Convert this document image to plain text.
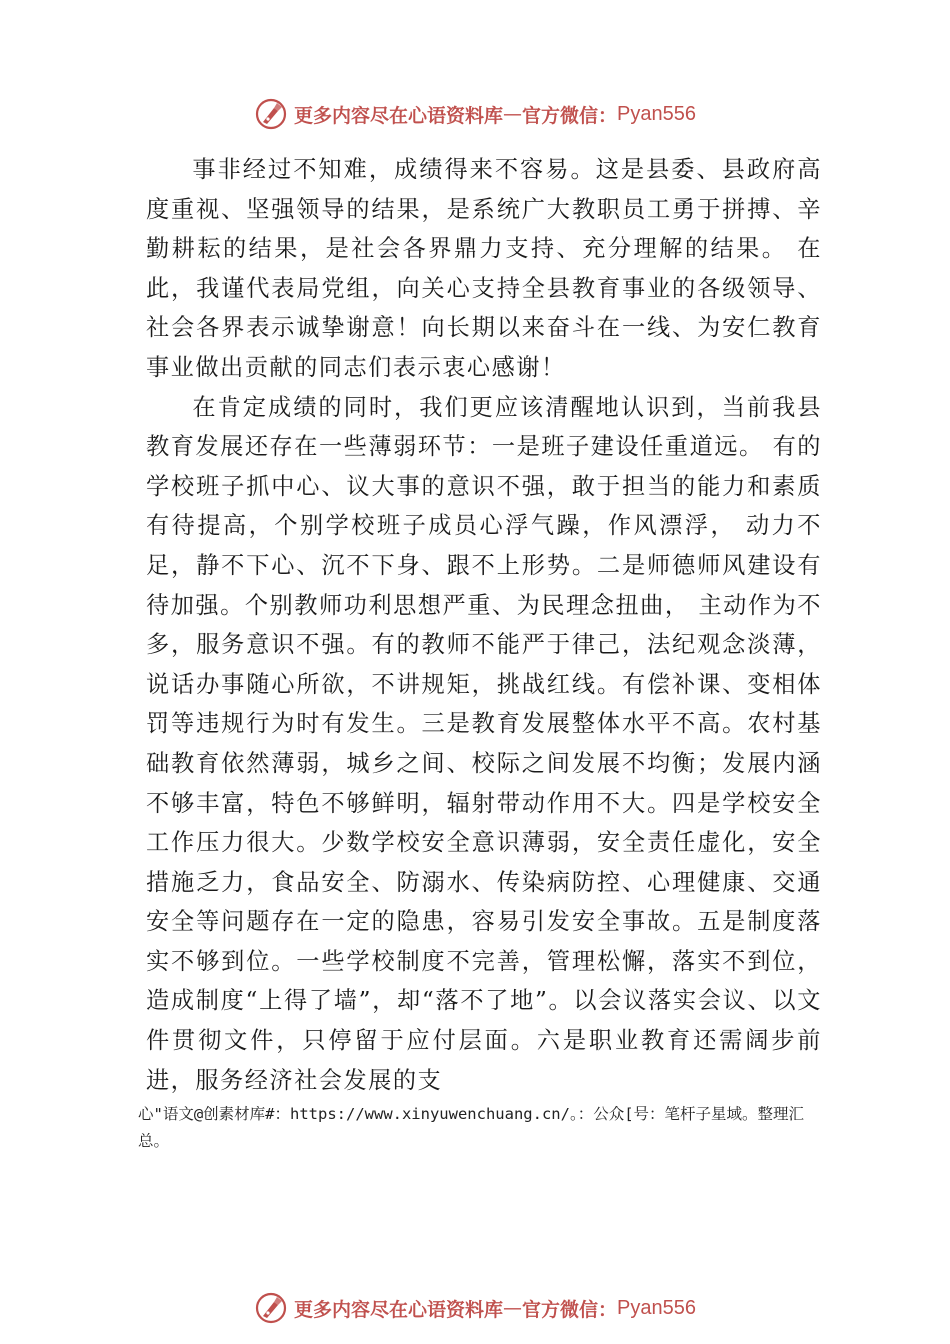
更多内容尽在心语资料库 — 官方微信： Pyan556

事非经过不知难，成绩得来不容易。这是县委、县政府高度重视、坚强领导的结果，是系统广大教职员工勇于拼搏、辛勤耕耘的结果，是社会各界鼎力支持、充分理解的结果。 在此，我谨代表局党组，向关心支持全县教育事业的各级领导、社会各界表示诚挚谢意！向长期以来奋斗在一线、为安仁教育事业做出贡献的同志们表示衷心感谢！

在肯定成绩的同时，我们更应该清醒地认识到，当前我县教育发展还存在一些薄弱环节：一是班子建设任重道远。 有的学校班子抓中心、议大事的意识不强，敢于担当的能力和素质有待提高，个别学校班子成员心浮气躁，作风漂浮， 动力不足，静不下心、沉不下身、跟不上形势。二是师德师风建设有待加强。个别教师功利思想严重、为民理念扭曲， 主动作为不多，服务意识不强。有的教师不能严于律己，法纪观念淡薄，说话办事随心所欲，不讲规矩，挑战红线。有偿补课、变相体罚等违规行为时有发生。三是教育发展整体水平不高。农村基础教育依然薄弱，城乡之间、校际之间发展不均衡；发展内涵不够丰富，特色不够鲜明，辐射带动作用不大。四是学校安全工作压力很大。少数学校安全意识薄弱，安全责任虚化，安全措施乏力，食品安全、防溺水、传染病防控、心理健康、交通安全等问题存在一定的隐患，容易引发安全事故。五是制度落实不够到位。一些学校制度不完善，管理松懈，落实不到位，造成制度“上得了墙”，却“落不了地”。以会议落实会议、以文件贯彻文件，只停留于应付层面。六是职业教育还需阔步前进，服务经济社会发展的支

心"语文@创素材库#：https://www.xinyuwenchuang.cn/。：公众[号：笔杆子星域。整理汇总。
更多内容尽在心语资料库 — 官方微信： Pyan556
